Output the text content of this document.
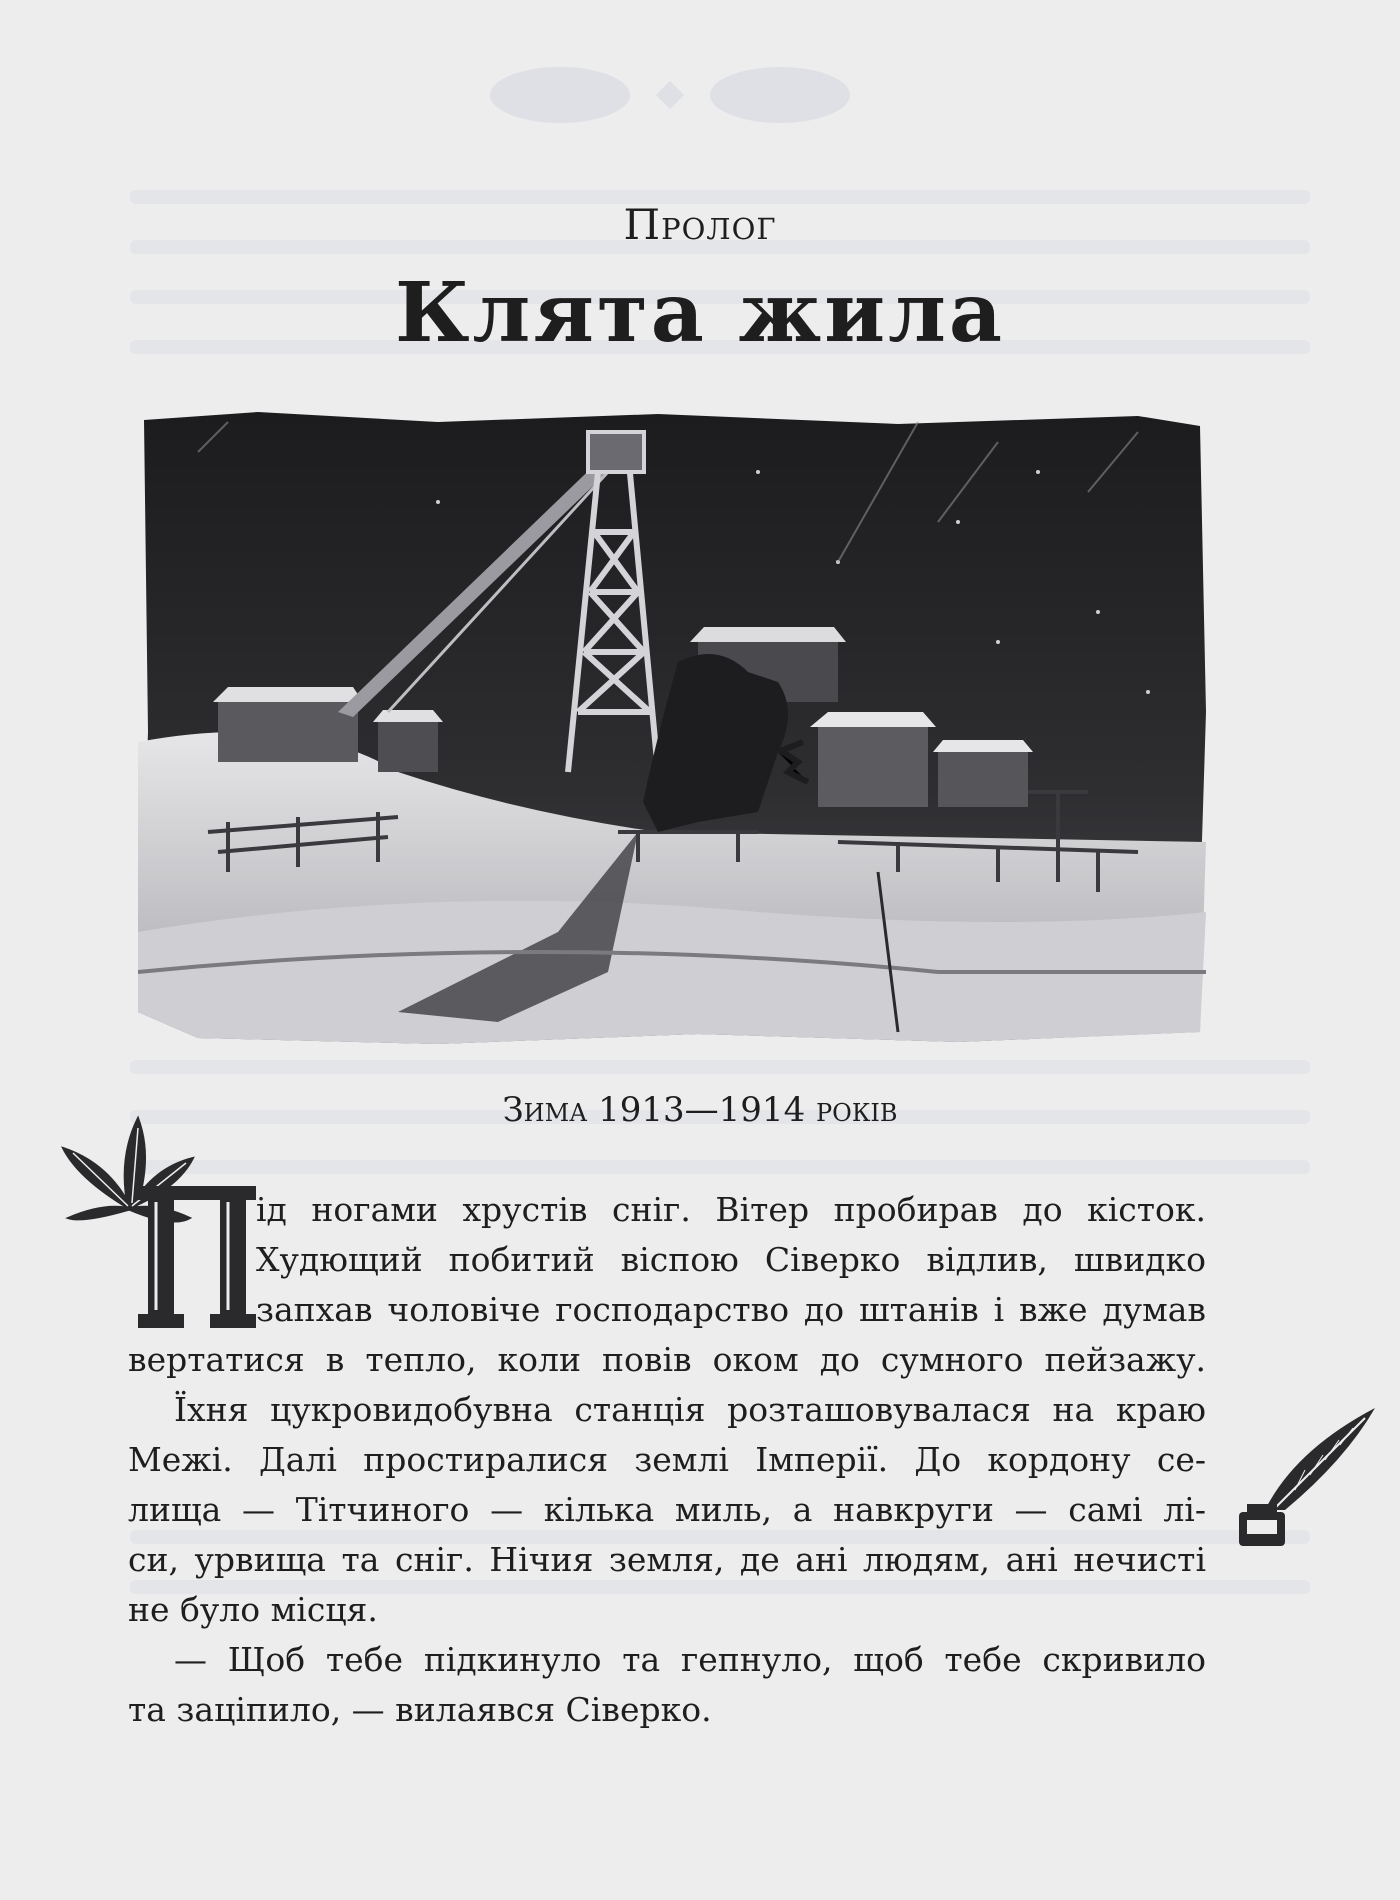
Пролог
Клята жила
Зима 1913—1914 років
ід ногами хрустів сніг. Вітер пробирав до кісток.
Худющий побитий віспою Сіверко відлив, швидко
запхав чоловіче господарство до штанів і вже думав
вертатися в тепло, коли повів оком до сумного пейзажу.
Їхня цукровидобувна станція розташовувалася на краю
Межі. Далі простиралися землі Імперії. До кордону се-
лища — Тітчиного — кілька миль, а навкруги — самі лі-
си, урвища та сніг. Нічия земля, де ані людям, ані нечисті
не було місця.
— Щоб тебе підкинуло та гепнуло, щоб тебе скривило
та заціпило, — вилаявся Сіверко.
